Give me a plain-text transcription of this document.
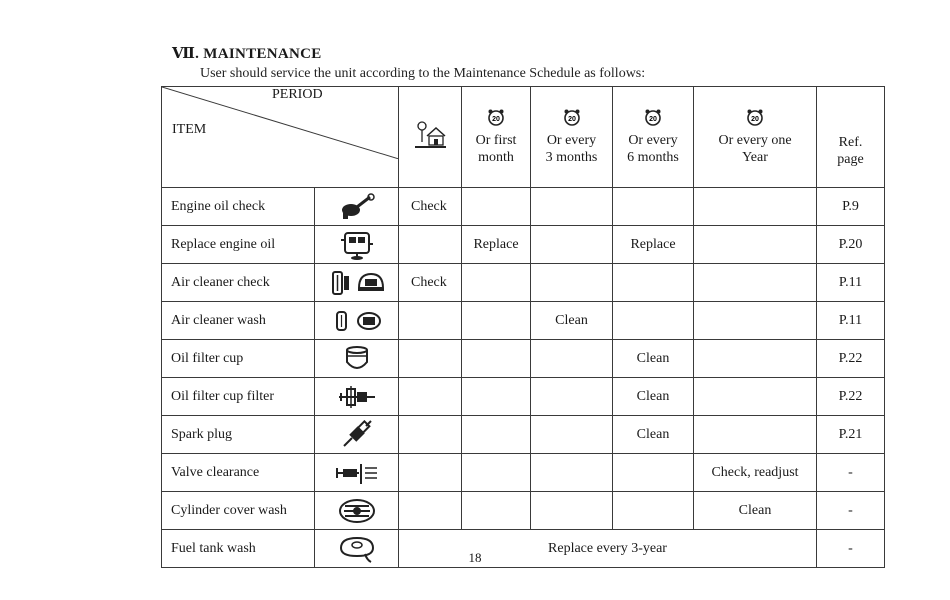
Ⅶ. MAINTENANCE
User should service the unit according to the Maintenance Schedule as follows:
PERIOD
ITEM			20
Or first
month	20
Or every
3 months	20
Or every
6 months	20
Or every one
Year	Ref.
page
Engine oil check		Check					P.9
Replace engine oil			Replace		Replace		P.20
Air cleaner check		Check					P.11
Air cleaner wash				Clean			P.11
Oil filter cup					Clean		P.22
Oil filter cup filter					Clean		P.22
Spark plug					Clean		P.21
Valve clearance						Check, readjust	-
Cylinder cover wash						Clean	-
Fuel tank wash		Replace every 3-year					-
18
